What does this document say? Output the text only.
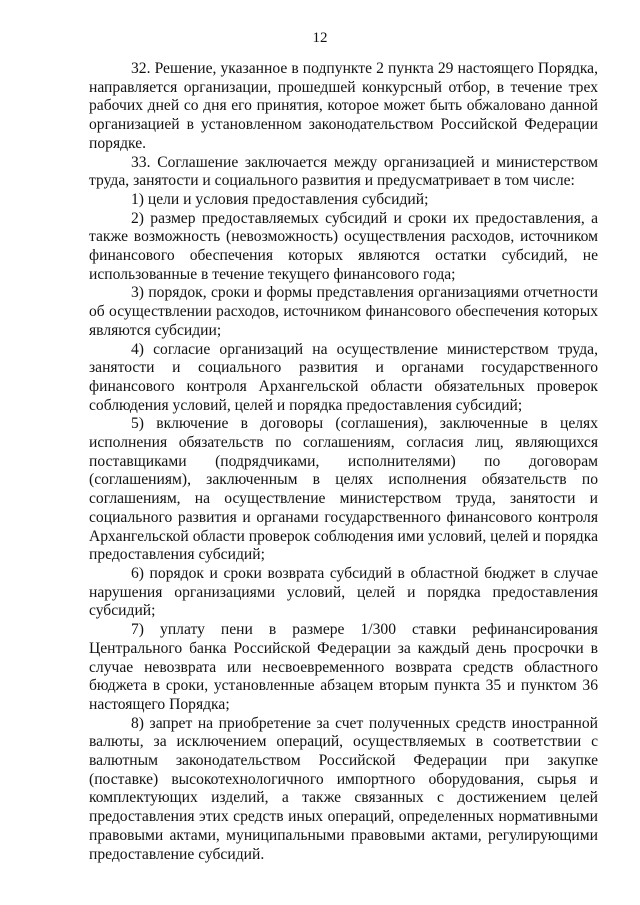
12

32. Решение, указанное в подпункте 2 пункта 29 настоящего Порядка, направляется организации, прошедшей конкурсный отбор, в течение трех рабочих дней со дня его принятия, которое может быть обжаловано данной организацией в установленном законодательством Российской Федерации порядке.

33. Соглашение заключается между организацией и министерством труда, занятости и социального развития и предусматривает в том числе:

1) цели и условия предоставления субсидий;

2) размер предоставляемых субсидий и сроки их предоставления, а также возможность (невозможность) осуществления расходов, источником финансового обеспечения которых являются остатки субсидий, не использованные в течение текущего финансового года;

3) порядок, сроки и формы представления организациями отчетности об осуществлении расходов, источником финансового обеспечения которых являются субсидии;

4) согласие организаций на осуществление министерством труда, занятости и социального развития и органами государственного финансового контроля Архангельской области обязательных проверок соблюдения условий, целей и порядка предоставления субсидий;

5) включение в договоры (соглашения), заключенные в целях исполнения обязательств по соглашениям, согласия лиц, являющихся поставщиками (подрядчиками, исполнителями) по договорам (соглашениям), заключенным в целях исполнения обязательств по соглашениям, на осуществление министерством труда, занятости и социального развития и органами государственного финансового контроля Архангельской области проверок соблюдения ими условий, целей и порядка предоставления субсидий;

6) порядок и сроки возврата субсидий в областной бюджет в случае нарушения организациями условий, целей и порядка предоставления субсидий;

7) уплату пени в размере 1/300 ставки рефинансирования Центрального банка Российской Федерации за каждый день просрочки в случае невозврата или несвоевременного возврата средств областного бюджета в сроки, установленные абзацем вторым пункта 35 и пунктом 36 настоящего Порядка;

8) запрет на приобретение за счет полученных средств иностранной валюты, за исключением операций, осуществляемых в соответствии с валютным законодательством Российской Федерации при закупке (поставке) высокотехнологичного импортного оборудования, сырья и комплектующих изделий, а также связанных с достижением целей предоставления этих средств иных операций, определенных нормативными правовыми актами, муниципальными правовыми актами, регулирующими предоставление субсидий.
